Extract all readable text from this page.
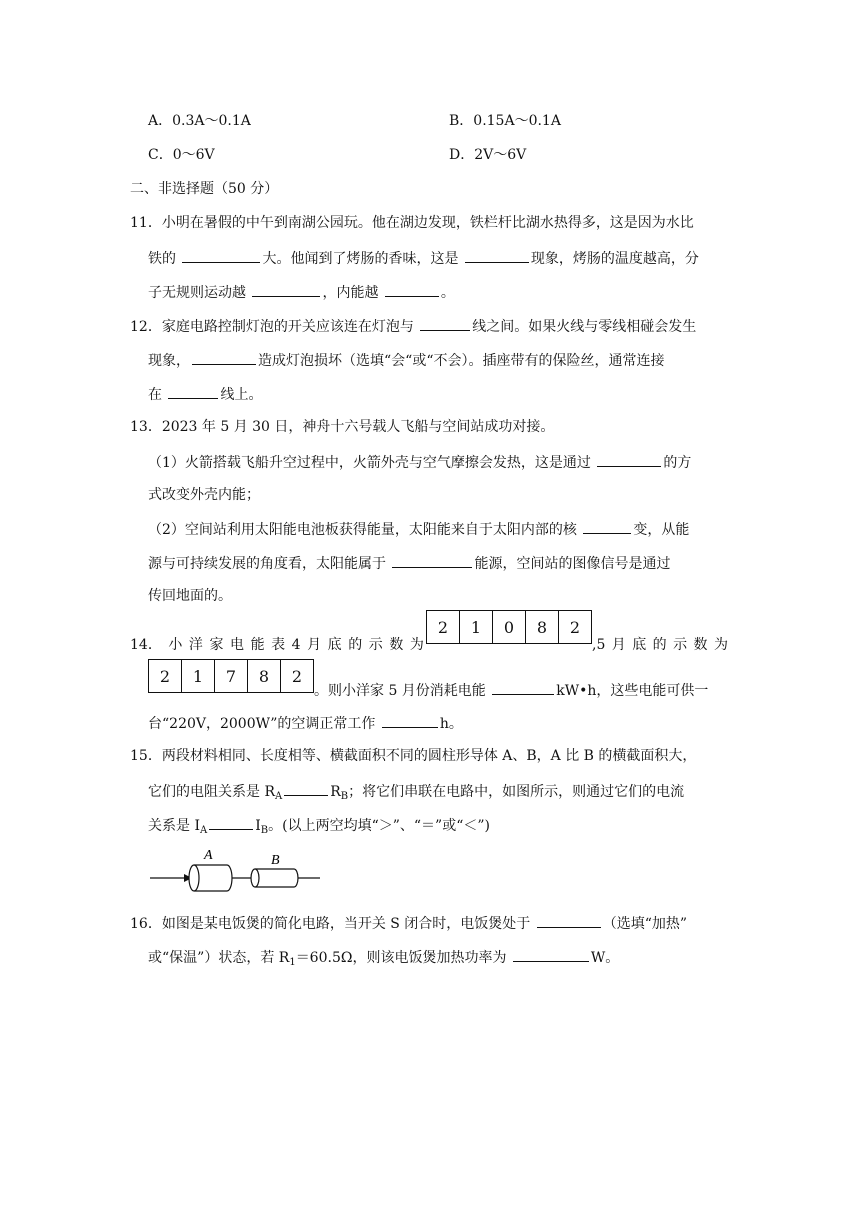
A．0.3A～0.1A	B．0.15A～0.1A
C．0～6V	D．2V～6V
二、非选择题（50 分）
11．小明在暑假的中午到南湖公园玩。他在湖边发现，铁栏杆比湖水热得多，这是因为水比
铁的	大。他闻到了烤肠的香味，这是	现象，烤肠的温度越高，分
子无规则运动越	，内能越	。
12．家庭电路控制灯泡的开关应该连在灯泡与	线之间。如果火线与零线相碰会发生
现象，	造成灯泡损坏（选填“会“或“不会）。插座带有的保险丝，通常连接
在	线上。
13．2023 年 5 月 30 日，神舟十六号载人飞船与空间站成功对接。
（1）火箭搭载飞船升空过程中，火箭外壳与空气摩擦会发热，这是通过	的方
式改变外壳内能；
（2）空间站利用太阳能电池板获得能量，太阳能来自于太阳内部的核	变，从能
源与可持续发展的角度看，太阳能属于	能源，空间站的图像信号是通过
传回地面的。
14． 小 洋 家 电 能 表 4 月 底 的 示 数 为
2	1	0	8	2
,5 月 底 的 示 数 为
2	1	7	8	2
。则小洋家 5 月份消耗电能	kW•h，这些电能可供一
台“220V，2000W”的空调正常工作	h。
15．两段材料相同、长度相等、横截面积不同的圆柱形导体 A、B，A 比 B 的横截面积大，
它们的电阻关系是 $R_A$	$R_B$；将它们串联在电路中，如图所示，则通过它们的电流
关系是 $I_A$	$I_B$。(以上两空均填“＞”、“＝”或“＜”)
A	B
16．如图是某电饭煲的简化电路，当开关 S 闭合时，电饭煲处于	（选填“加热”
或“保温”）状态，若 $R_1=60.5\Omega$，则该电饭煲加热功率为	W。
